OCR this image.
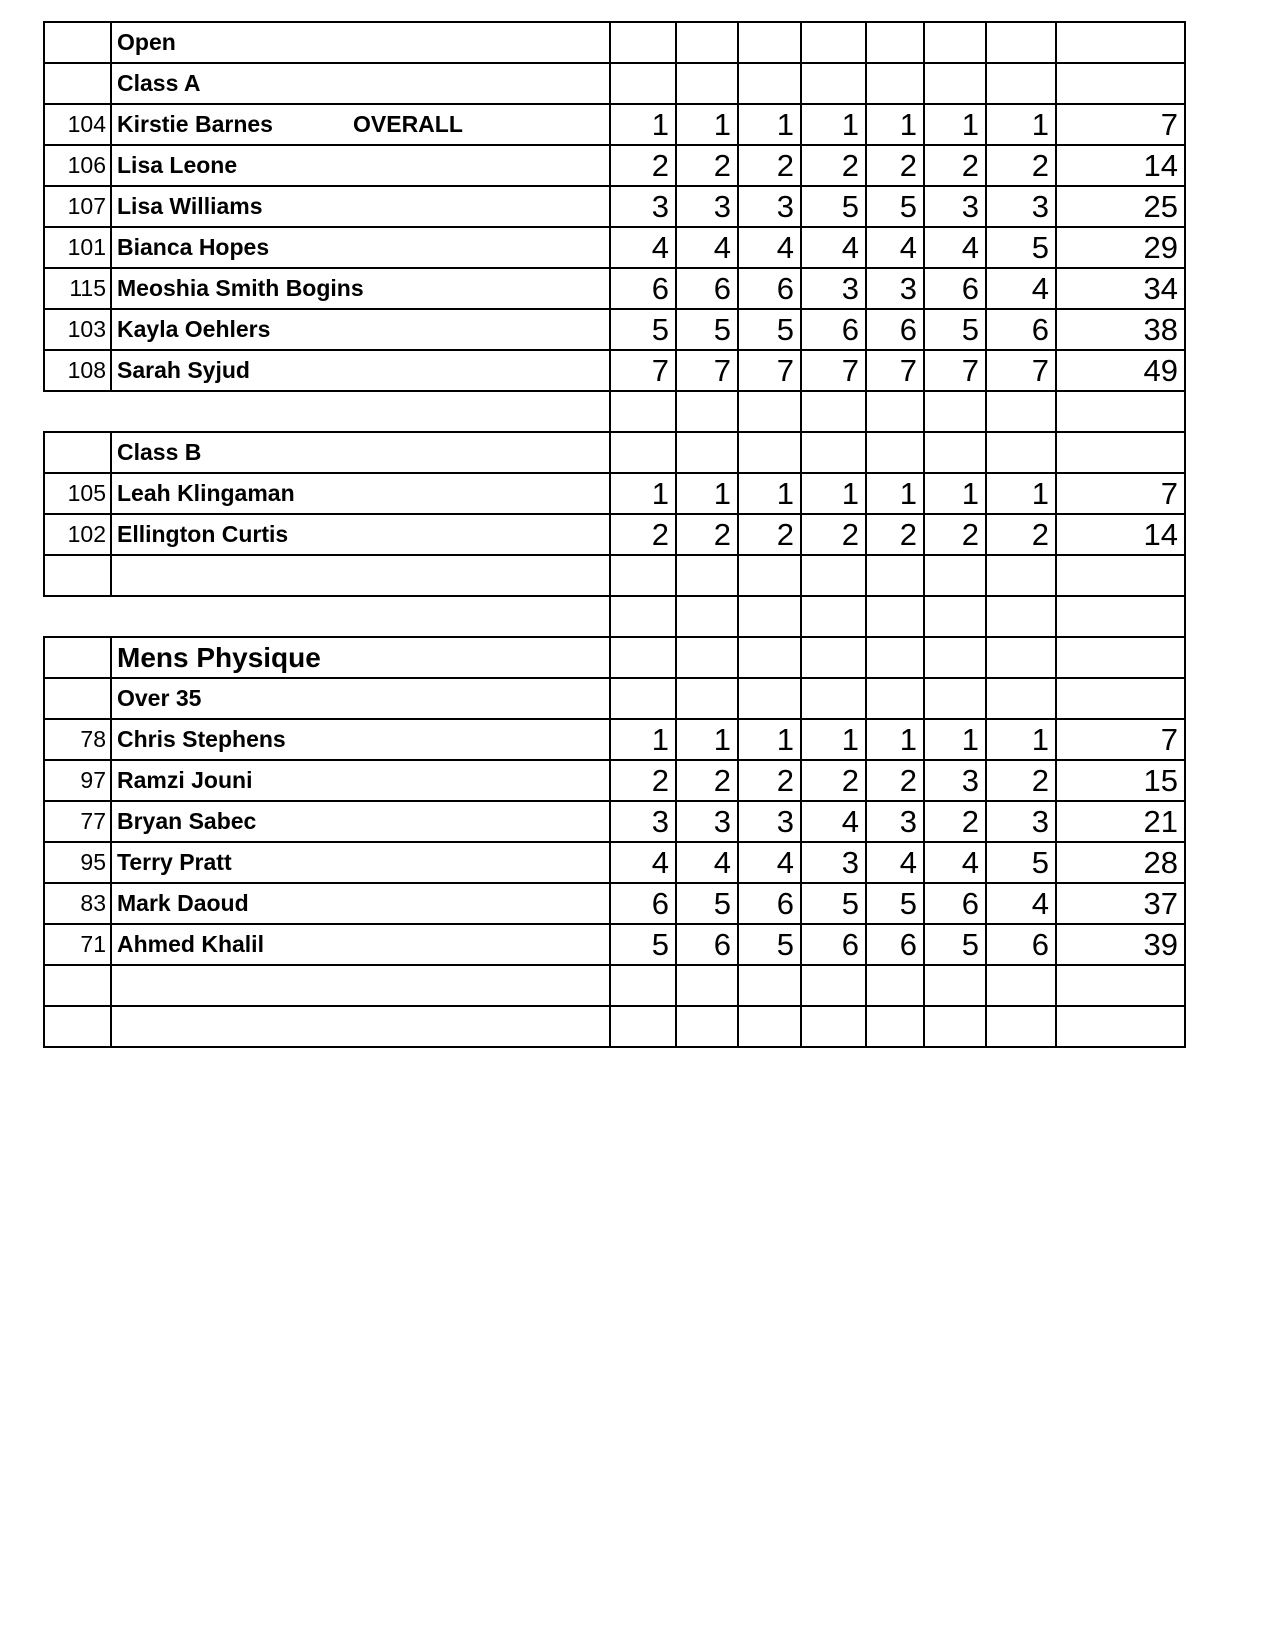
Open
Class A
104 Kirstie Barnes	OVERALL	1	1	1	1	1	1	1	7
106 Lisa Leone	2	2	2	2	2	2	2	14
107 Lisa Williams	3	3	3	5	5	3	3	25
101 Bianca Hopes	4	4	4	4	4	4	5	29
115 Meoshia Smith Bogins	6	6	6	3	3	6	4	34
103 Kayla Oehlers	5	5	5	6	6	5	6	38
108 Sarah Syjud	7	7	7	7	7	7	7	49
Class B
105 Leah Klingaman	1	1	1	1	1	1	1	7
102 Ellington Curtis	2	2	2	2	2	2	2	14
Mens Physique
Over 35
78 Chris Stephens	1	1	1	1	1	1	1	7
97 Ramzi Jouni	2	2	2	2	2	3	2	15
77 Bryan Sabec	3	3	3	4	3	2	3	21
95 Terry Pratt	4	4	4	3	4	4	5	28
83 Mark Daoud	6	5	6	5	5	6	4	37
71 Ahmed Khalil	5	6	5	6	6	5	6	39
